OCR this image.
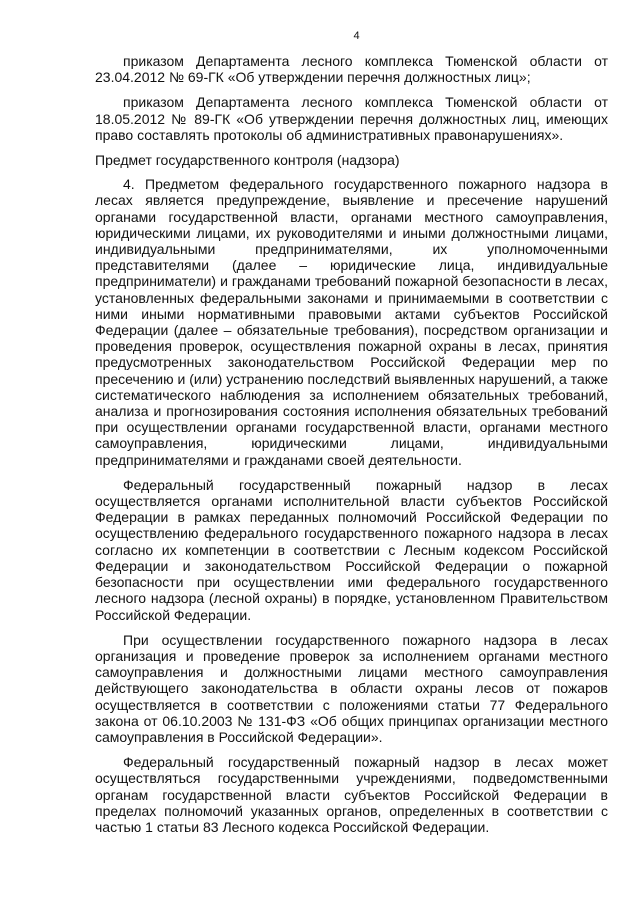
4

приказом Департамента лесного комплекса Тюменской области от 23.04.2012 № 69-ГК «Об утверждении перечня должностных лиц»;

приказом Департамента лесного комплекса Тюменской области от 18.05.2012 № 89-ГК «Об утверждении перечня должностных лиц, имеющих право составлять протоколы об административных правонарушениях».

Предмет государственного контроля (надзора)

4. Предметом федерального государственного пожарного надзора в лесах является предупреждение, выявление и пресечение нарушений органами государственной власти, органами местного самоуправления, юридическими лицами, их руководителями и иными должностными лицами, индивидуальными предпринимателями, их уполномоченными представителями (далее – юридические лица, индивидуальные предприниматели) и гражданами требований пожарной безопасности в лесах, установленных федеральными законами и принимаемыми в соответствии с ними иными нормативными правовыми актами субъектов Российской Федерации (далее – обязательные требования), посредством организации и проведения проверок, осуществления пожарной охраны в лесах, принятия предусмотренных законодательством Российской Федерации мер по пресечению и (или) устранению последствий выявленных нарушений, а также систематического наблюдения за исполнением обязательных требований, анализа и прогнозирования состояния исполнения обязательных требований при осуществлении органами государственной власти, органами местного самоуправления, юридическими лицами, индивидуальными предпринимателями и гражданами своей деятельности.

Федеральный государственный пожарный надзор в лесах осуществляется органами исполнительной власти субъектов Российской Федерации в рамках переданных полномочий Российской Федерации по осуществлению федерального государственного пожарного надзора в лесах согласно их компетенции в соответствии с Лесным кодексом Российской Федерации и законодательством Российской Федерации о пожарной безопасности при осуществлении ими федерального государственного лесного надзора (лесной охраны) в порядке, установленном Правительством Российской Федерации.

При осуществлении государственного пожарного надзора в лесах организация и проведение проверок за исполнением органами местного самоуправления и должностными лицами местного самоуправления действующего законодательства в области охраны лесов от пожаров осуществляется в соответствии с положениями статьи 77 Федерального закона от 06.10.2003 № 131-ФЗ «Об общих принципах организации местного самоуправления в Российской Федерации».

Федеральный государственный пожарный надзор в лесах может осуществляться государственными учреждениями, подведомственными органам государственной власти субъектов Российской Федерации в пределах полномочий указанных органов, определенных в соответствии с частью 1 статьи 83 Лесного кодекса Российской Федерации.
